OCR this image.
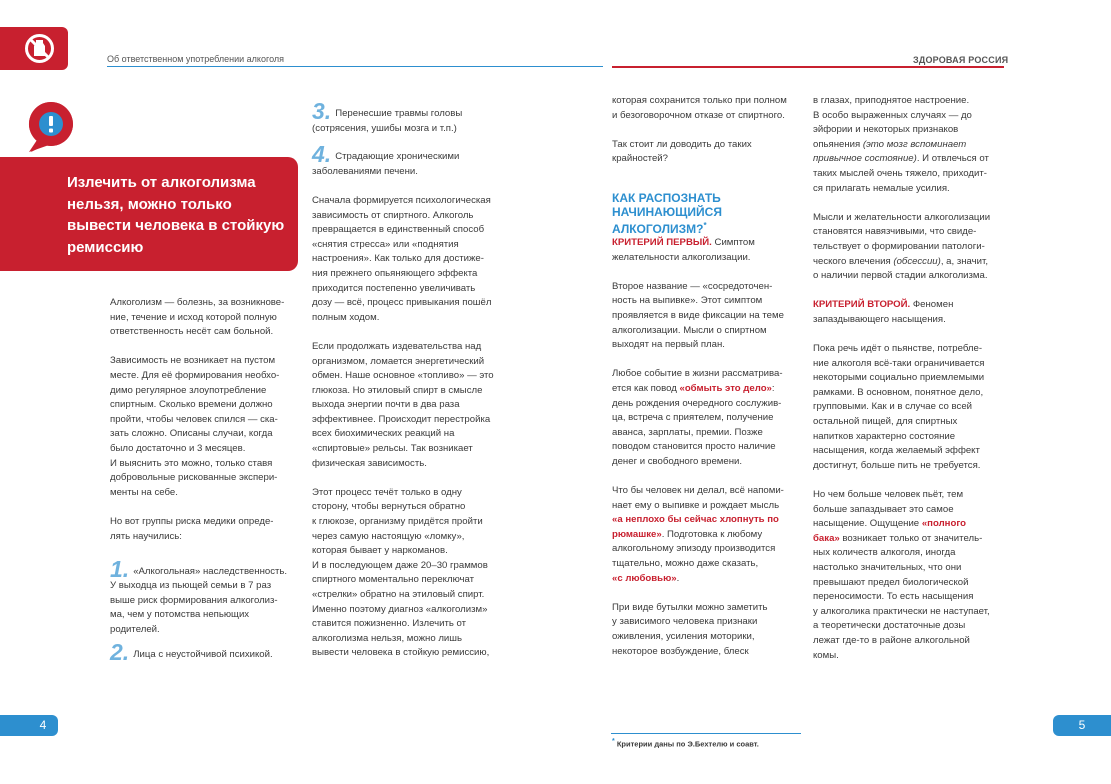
Об ответственном употреблении алкоголя	ЗДОРОВАЯ РОССИЯ
Излечить от алкоголизма
нельзя, можно только
вывести человека в стойкую
ремиссию

Алкоголизм — болезнь, за возникнове-
ние, течение и исход которой полную
ответственность несёт сам больной.

Зависимость не возникает на пустом
месте. Для её формирования необхо-
димо регулярное злоупотребление
спиртным. Сколько времени должно
пройти, чтобы человек спился — ска-
зать сложно. Описаны случаи, когда
было достаточно и 3 месяцев.

И выяснить это можно, только ставя
добровольные рискованные экспери-
менты на себе.

Но вот группы риска медики опреде-
лять научились:

1. «Алкогольная» наследственность.
У выходца из пьющей семьи в 7 раз
выше риск формирования алкоголиз-
ма, чем у потомства непьющих
родителей.
2. Лица с неустойчивой психикой.
3. Перенесшие травмы головы
(сотрясения, ушибы мозга и т.п.)
4. Страдающие хроническими
заболеваниями печени.

Сначала формируется психологическая
зависимость от спиртного. Алкоголь
превращается в единственный способ
«снятия стресса» или «поднятия
настроения». Как только для достиже-
ния прежнего опьяняющего эффекта
приходится постепенно увеличивать
дозу — всё, процесс привыкания пошёл
полным ходом.

Если продолжать издевательства над
организмом, ломается энергетический
обмен. Наше основное «топливо» — это
глюкоза. Но этиловый спирт в смысле
выхода энергии почти в два раза
эффективнее. Происходит перестройка
всех биохимических реакций на
«спиртовые» рельсы. Так возникает
физическая зависимость.

Этот процесс течёт только в одну
сторону, чтобы вернуться обратно
к глюкозе, организму придётся пройти
через самую настоящую «ломку»,
которая бывает у наркоманов.

И в последующем даже 20–30 граммов
спиртного моментально переключат
«стрелки» обратно на этиловый спирт.
Именно поэтому диагноз «алкоголизм»
ставится пожизненно. Излечить от
алкоголизма нельзя, можно лишь
вывести человека в стойкую ремиссию,

которая сохранится только при полном
и безоговорочном отказе от спиртного.

Так стоит ли доводить до таких
крайностей?

КАК РАСПОЗНАТЬ
НАЧИНАЮЩИЙСЯ
АЛКОГОЛИЗМ?*

КРИТЕРИЙ ПЕРВЫЙ. Симптом
желательности алкоголизации.

Второе название — «сосредоточен-
ность на выпивке». Этот симптом
проявляется в виде фиксации на теме
алкоголизации. Мысли о спиртном
выходят на первый план.

Любое событие в жизни рассматрива-
ется как повод «обмыть это дело»:
день рождения очередного сослужив-
ца, встреча с приятелем, получение
аванса, зарплаты, премии. Позже
поводом становится просто наличие
денег и свободного времени.

Что бы человек ни делал, всё напоми-
нает ему о выпивке и рождает мысль
«а неплохо бы сейчас хлопнуть по
рюмашке». Подготовка к любому
алкогольному эпизоду производится
тщательно, можно даже сказать,
«с любовью».

При виде бутылки можно заметить
у зависимого человека признаки
оживления, усиления моторики,
некоторое возбуждение, блеск

в глазах, приподнятое настроение.
В особо выраженных случаях — до
эйфории и некоторых признаков
опьянения (это мозг вспоминает
привычное состояние). И отвлечься от
таких мыслей очень тяжело, приходит-
ся прилагать немалые усилия.

Мысли и желательности алкоголизации
становятся навязчивыми, что свиде-
тельствует о формировании патологи-
ческого влечения (обсессии), а, значит,
о наличии первой стадии алкоголизма.

КРИТЕРИЙ ВТОРОЙ. Феномен
запаздывающего насыщения.

Пока речь идёт о пьянстве, потребле-
ние алкоголя всё-таки ограничивается
некоторыми социально приемлемыми
рамками. В основном, понятное дело,
групповыми. Как и в случае со всей
остальной пищей, для спиртных
напитков характерно состояние
насыщения, когда желаемый эффект
достигнут, больше пить не требуется.

Но чем больше человек пьёт, тем
больше запаздывает это самое
насыщение. Ощущение «полного
бака» возникает только от значитель-
ных количеств алкоголя, иногда
настолько значительных, что они
превышают предел биологической
переносимости. То есть насыщения
у алкоголика практически не наступает,
а теоретически достаточные дозы
лежат где-то в районе алкогольной
комы.

* Критерии даны по Э.Бехтелю и соавт.
4	5
